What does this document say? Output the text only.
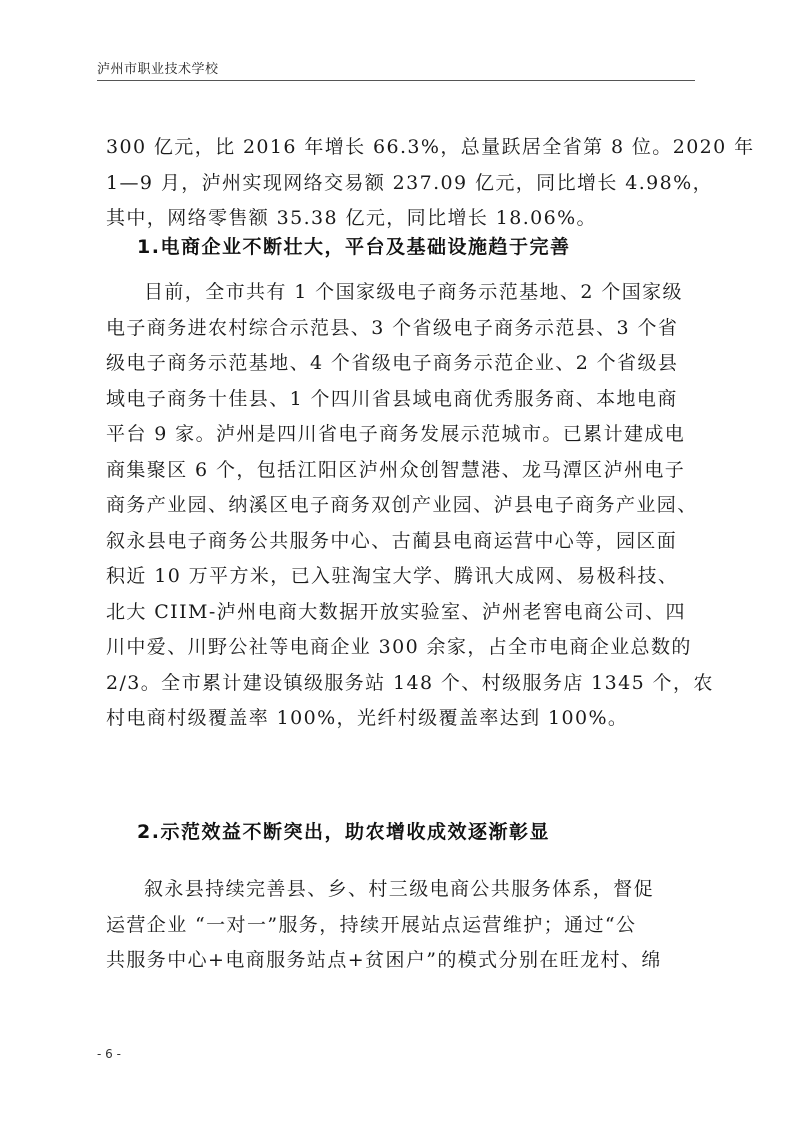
泸州市职业技术学校
300 亿元，比 2016 年增长 66.3%，总量跃居全省第 8 位。2020 年
1—9 月，泸州实现网络交易额 237.09 亿元，同比增长 4.98%，
其中，网络零售额 35.38 亿元，同比增长 18.06%。
1.电商企业不断壮大，平台及基础设施趋于完善
目前，全市共有 1 个国家级电子商务示范基地、2 个国家级
电子商务进农村综合示范县、3 个省级电子商务示范县、3 个省
级电子商务示范基地、4 个省级电子商务示范企业、2 个省级县
域电子商务十佳县、1 个四川省县域电商优秀服务商、本地电商
平台 9 家。泸州是四川省电子商务发展示范城市。已累计建成电
商集聚区 6 个，包括江阳区泸州众创智慧港、龙马潭区泸州电子
商务产业园、纳溪区电子商务双创产业园、泸县电子商务产业园、
叙永县电子商务公共服务中心、古蔺县电商运营中心等，园区面
积近 10 万平方米，已入驻淘宝大学、腾讯大成网、易极科技、
北大 CIIM-泸州电商大数据开放实验室、泸州老窖电商公司、四
川中爱、川野公社等电商企业 300 余家，占全市电商企业总数的
2/3。全市累计建设镇级服务站 148 个、村级服务店 1345 个，农
村电商村级覆盖率 100%，光纤村级覆盖率达到 100%。
2.示范效益不断突出，助农增收成效逐渐彰显
叙永县持续完善县、乡、村三级电商公共服务体系，督促
运营企业 “一对一”服务，持续开展站点运营维护；通过“公
共服务中心+电商服务站点+贫困户”的模式分别在旺龙村、绵
- 6 -
